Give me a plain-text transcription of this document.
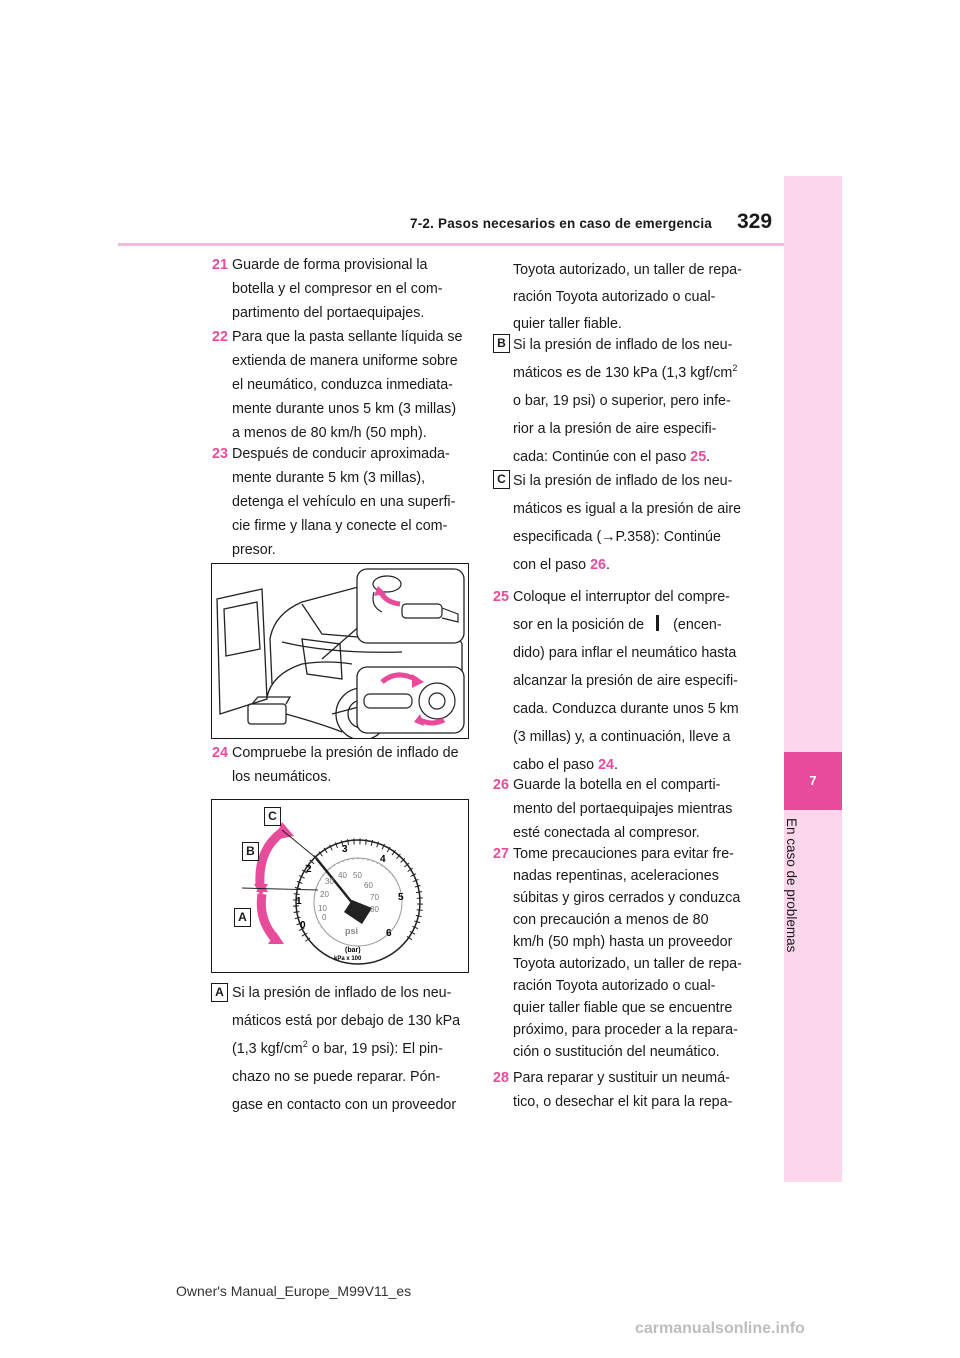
7-2. Pasos necesarios en caso de emergencia 329
7
En caso de problemas
21 Guarde de forma provisional la
botella y el compresor en el com-
partimento del portaequipajes.
22 Para que la pasta sellante líquida se
extienda de manera uniforme sobre
el neumático, conduzca inmediata-
mente durante unos 5 km (3 millas)
a menos de 80 km/h (50 mph).
23 Después de conducir aproximada-
mente durante 5 km (3 millas),
detenga el vehículo en una superfi-
cie firme y llana y conecte el com-
presor.
24 Compruebe la presión de inflado de
los neumáticos.
0
1
2
3
4
5
6
0
10
20
30
40 50
60
70
80
psi
(bar)
kPa x 100
C
B
A
A Si la presión de inflado de los neu-
máticos está por debajo de 130 kPa
(1,3 kgf/$cm^2$ o bar, 19 psi): El pin-
chazo no se puede reparar. Pón-
gase en contacto con un proveedor
Toyota autorizado, un taller de repa-
ración Toyota autorizado o cual-
quier taller fiable.
B Si la presión de inflado de los neu-
máticos es de 130 kPa (1,3 kgf/$cm^2$
o bar, 19 psi) o superior, pero infe-
rior a la presión de aire especifi-
cada: Continúe con el paso 25.
C Si la presión de inflado de los neu-
máticos es igual a la presión de aire
especificada (→P.358): Continúe
con el paso 26.
25 Coloque el interruptor del compre-
sor en la posición de (encen-
dido) para inflar el neumático hasta
alcanzar la presión de aire especifi-
cada. Conduzca durante unos 5 km
(3 millas) y, a continuación, lleve a
cabo el paso 24.
26 Guarde la botella en el comparti-
mento del portaequipajes mientras
esté conectada al compresor.
27 Tome precauciones para evitar fre-
nadas repentinas, aceleraciones
súbitas y giros cerrados y conduzca
con precaución a menos de 80
km/h (50 mph) hasta un proveedor
Toyota autorizado, un taller de repa-
ración Toyota autorizado o cual-
quier taller fiable que se encuentre
próximo, para proceder a la repara-
ción o sustitución del neumático.
28 Para reparar y sustituir un neumá-
tico, o desechar el kit para la repa-
Owner's Manual_Europe_M99V11_es
carmanualsonline.info
